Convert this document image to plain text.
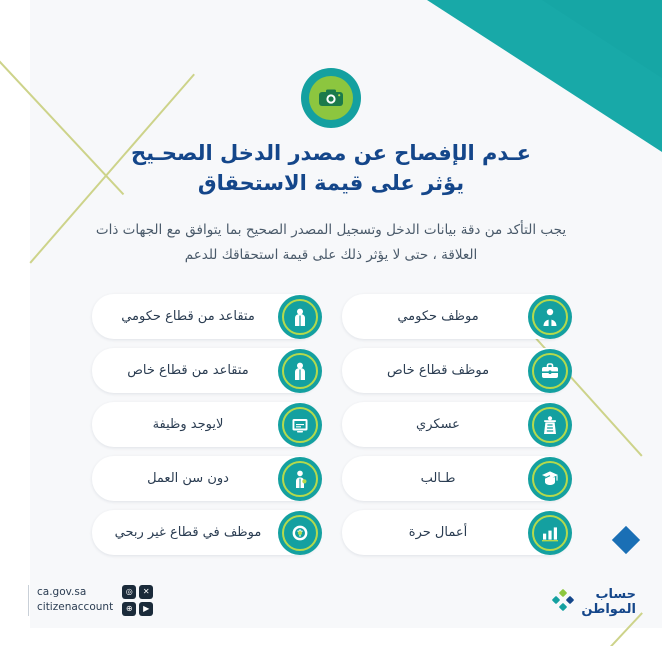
عـدم الإفصاح عن مصدر الدخل الصحـيح
يؤثر على قيمة الاستحقاق
يجب التأكد من دقة بيانات الدخل وتسجيل المصدر الصحيح بما يتوافق مع الجهات ذات العلاقة ، حتى لا يؤثر ذلك على قيمة استحقاقك للدعم
موظف حكومي
متقاعد من قطاع حكومي
موظف قطاع خاص
متقاعد من قطاع خاص
عسكري
لايوجد وظيفة
طـالب
دون سن العمل
أعمال حرة
موظف في قطاع غير ربحي
✕
◎
▶
⊕
ca.gov.sa
citizenaccount
حساب
المواطن
